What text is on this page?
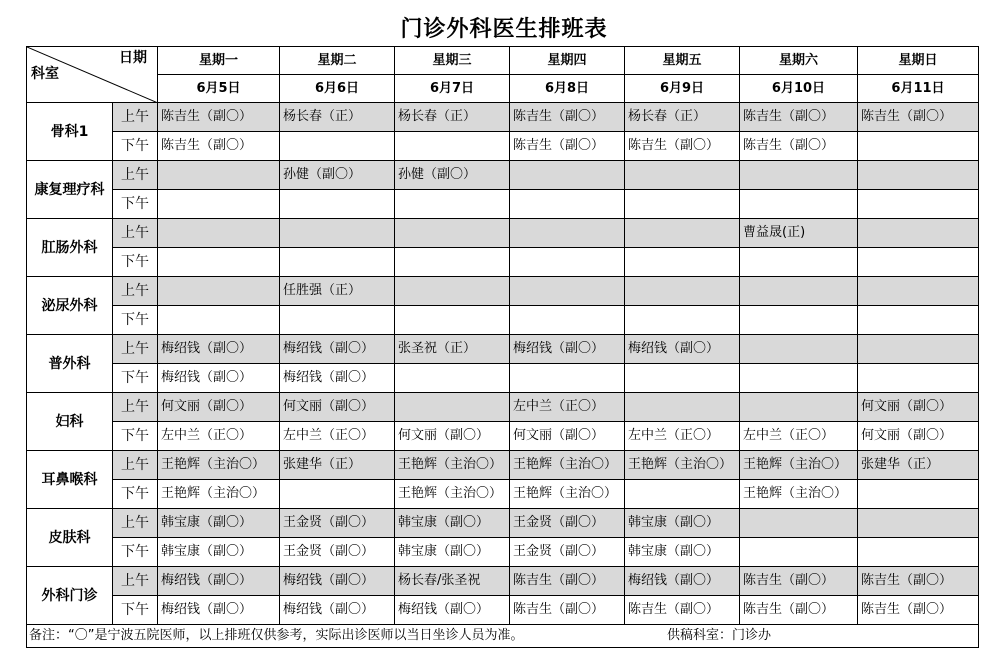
门诊外科医生排班表
日期
科室		星期一	星期二	星期三	星期四	星期五	星期六	星期日
		6月5日	6月6日	6月7日	6月8日	6月9日	6月10日	6月11日
骨科1	上午	陈吉生（副〇）	杨长春（正）	杨长春（正）	陈吉生（副〇）	杨长春（正）	陈吉生（副〇）	陈吉生（副〇）
	下午	陈吉生（副〇）			陈吉生（副〇）	陈吉生（副〇）	陈吉生（副〇）	
康复理疗科	上午		孙健（副〇）	孙健（副〇）				
	下午							
肛肠外科	上午						曹益晟(正)	
	下午							
泌尿外科	上午		任胜强（正）					
	下午							
普外科	上午	梅绍钱（副〇）	梅绍钱（副〇）	张圣祝（正）	梅绍钱（副〇）	梅绍钱（副〇）		
	下午	梅绍钱（副〇）	梅绍钱（副〇）					
妇科	上午	何文丽（副〇）	何文丽（副〇）		左中兰（正〇）			何文丽（副〇）
	下午	左中兰（正〇）	左中兰（正〇）	何文丽（副〇）	何文丽（副〇）	左中兰（正〇）	左中兰（正〇）	何文丽（副〇）
耳鼻喉科	上午	王艳辉（主治〇）	张建华（正）	王艳辉（主治〇）	王艳辉（主治〇）	王艳辉（主治〇）	王艳辉（主治〇）	张建华（正）
	下午	王艳辉（主治〇）		王艳辉（主治〇）	王艳辉（主治〇）		王艳辉（主治〇）	
皮肤科	上午	韩宝康（副〇）	王金贤（副〇）	韩宝康（副〇）	王金贤（副〇）	韩宝康（副〇）		
	下午	韩宝康（副〇）	王金贤（副〇）	韩宝康（副〇）	王金贤（副〇）	韩宝康（副〇）		
外科门诊	上午	梅绍钱（副〇）	梅绍钱（副〇）	杨长春/张圣祝	陈吉生（副〇）	梅绍钱（副〇）	陈吉生（副〇）	陈吉生（副〇）
	下午	梅绍钱（副〇）	梅绍钱（副〇）	梅绍钱（副〇）	陈吉生（副〇）	陈吉生（副〇）	陈吉生（副〇）	陈吉生（副〇）
备注：“〇”是宁波五院医师，以上排班仅供参考，实际出诊医师以当日坐诊人员为准。 供稿科室：门诊办								
